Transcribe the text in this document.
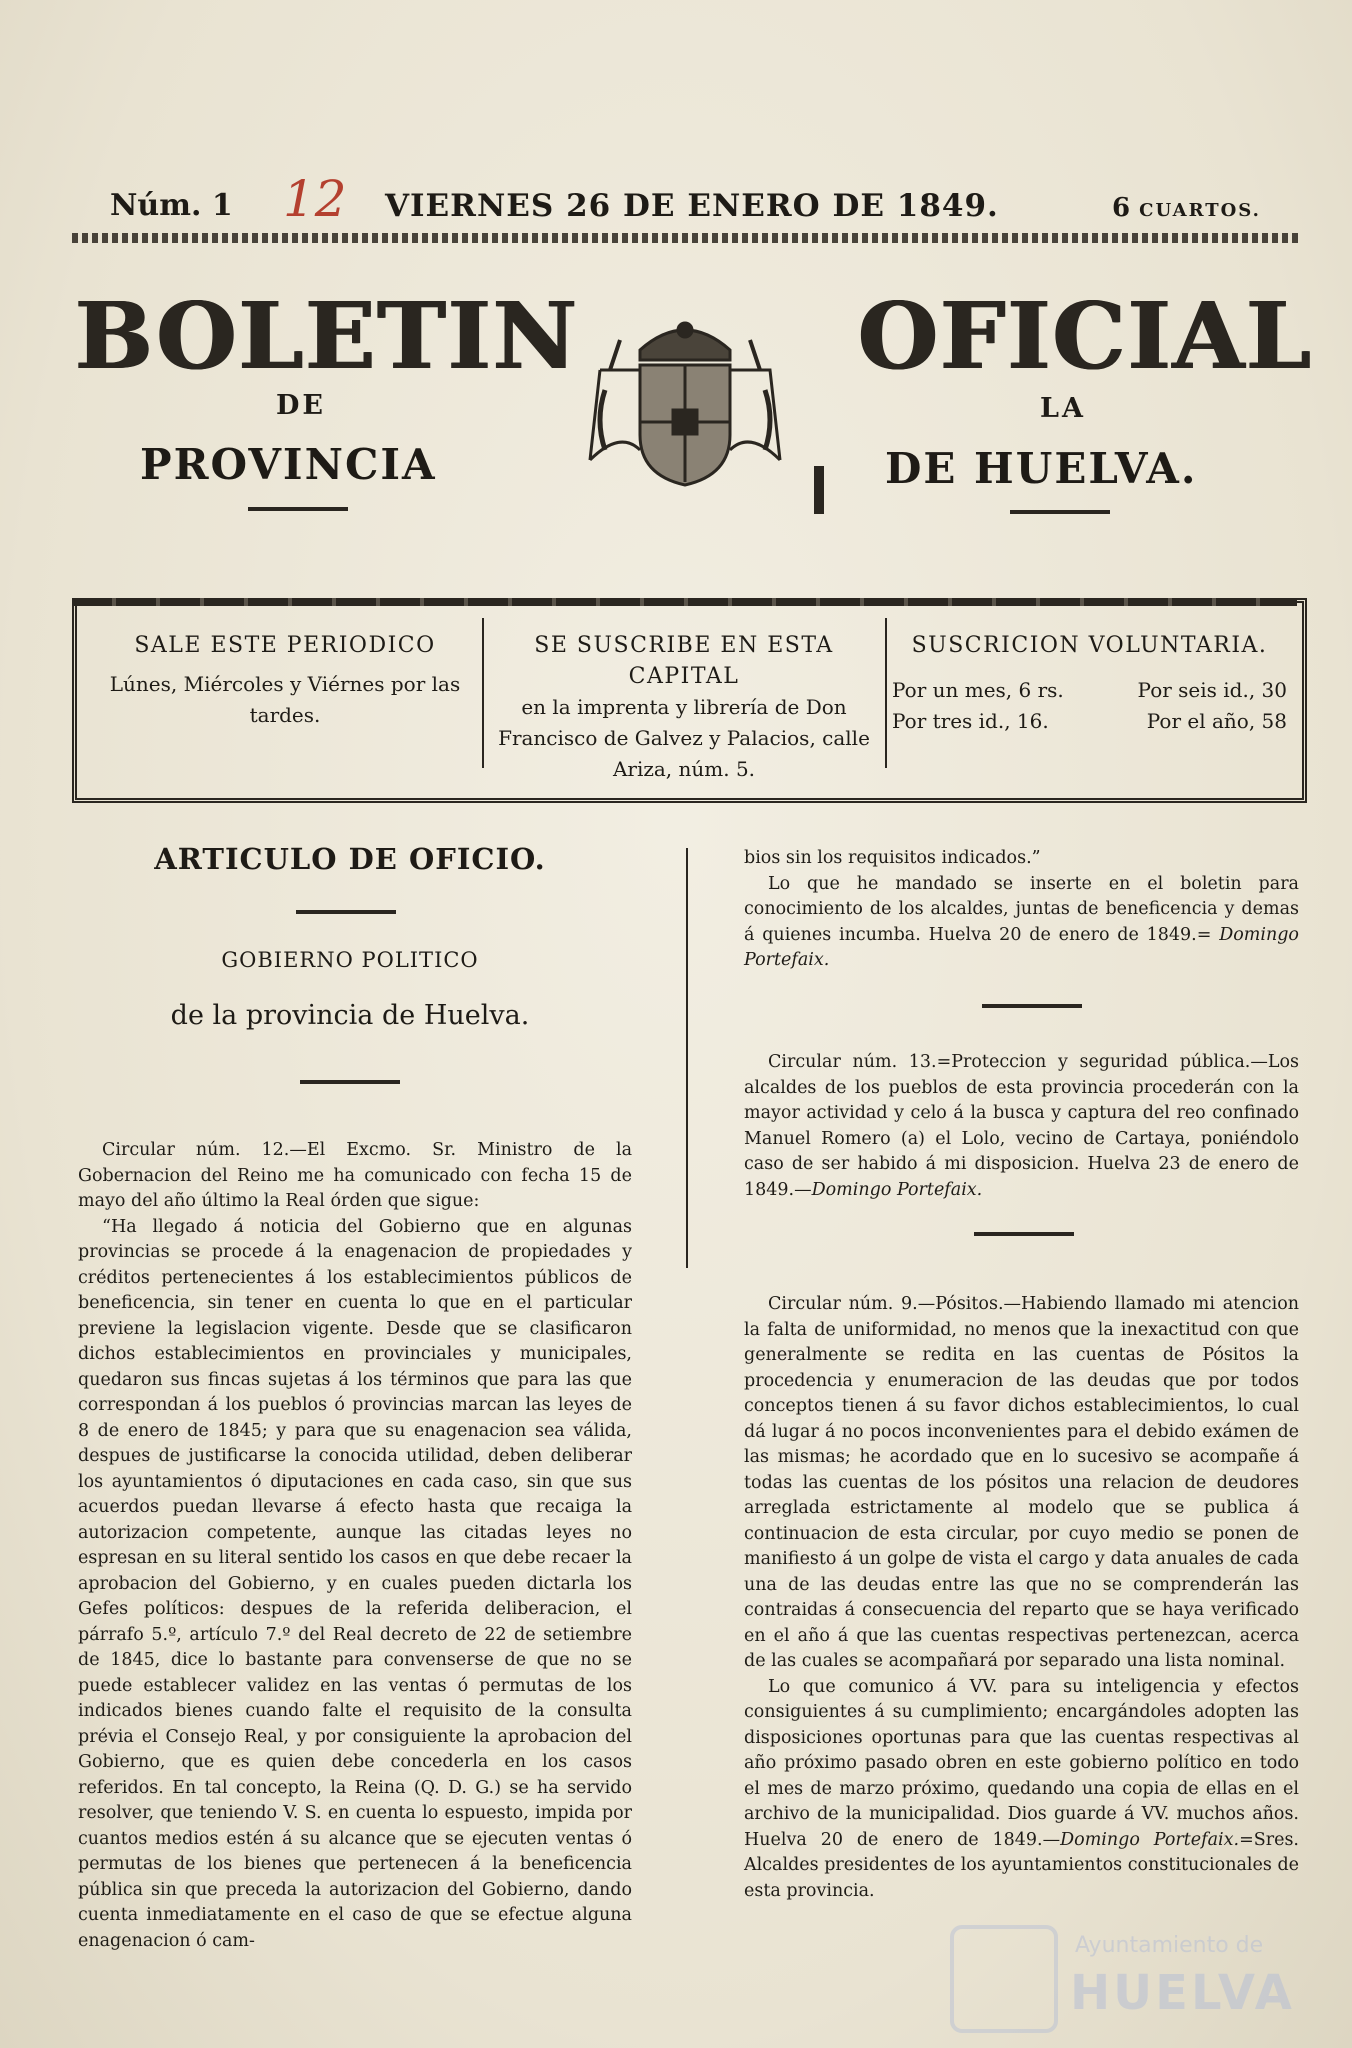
Núm. 1 12 VIERNES 26 DE ENERO DE 1849.	6 CUARTOS.
BOLETIN	OFICIAL
DE	LA
PROVINCIA	DE HUELVA.
SALE ESTE PERIODICO
Lúnes, Miércoles y Viérnes por las tardes.
SE SUSCRIBE EN ESTA CAPITAL
en la imprenta y librería de Don Francisco de Galvez y Palacios, calle Ariza, núm. 5.
SUSCRICION VOLUNTARIA.
Por un mes, 6 rs.	Por seis id., 30
Por tres id., 16.	Por el año, 58
ARTICULO DE OFICIO.
GOBIERNO POLITICO
de la provincia de Huelva.

Circular núm. 12.—El Excmo. Sr. Ministro de la Gobernacion del Reino me ha comunicado con fecha 15 de mayo del año último la Real órden que sigue:

“Ha llegado á noticia del Gobierno que en algunas provincias se procede á la enagenacion de propiedades y créditos pertenecientes á los establecimientos públicos de beneficencia, sin tener en cuenta lo que en el particular previene la legislacion vigente. Desde que se clasificaron dichos establecimientos en provinciales y municipales, quedaron sus fincas sujetas á los términos que para las que correspondan á los pueblos ó provincias marcan las leyes de 8 de enero de 1845; y para que su enagenacion sea válida, despues de justificarse la conocida utilidad, deben deliberar los ayuntamientos ó diputaciones en cada caso, sin que sus acuerdos puedan llevarse á efecto hasta que recaiga la autorizacion competente, aunque las citadas leyes no espresan en su literal sentido los casos en que debe recaer la aprobacion del Gobierno, y en cuales pueden dictarla los Gefes políticos: despues de la referida deliberacion, el párrafo 5.º, artículo 7.º del Real decreto de 22 de setiembre de 1845, dice lo bastante para convenserse de que no se puede establecer validez en las ventas ó permutas de los indicados bienes cuando falte el requisito de la consulta prévia el Consejo Real, y por consiguiente la aprobacion del Gobierno, que es quien debe concederla en los casos referidos. En tal concepto, la Reina (Q. D. G.) se ha servido resolver, que teniendo V. S. en cuenta lo espuesto, impida por cuantos medios estén á su alcance que se ejecuten ventas ó permutas de los bienes que pertenecen á la beneficencia pública sin que preceda la autorizacion del Gobierno, dando cuenta inmediatamente en el caso de que se efectue alguna enagenacion ó cam-

bios sin los requisitos indicados.”

Lo que he mandado se inserte en el boletin para conocimiento de los alcaldes, juntas de beneficencia y demas á quienes incumba. Huelva 20 de enero de 1849.= Domingo Portefaix.

Circular núm. 13.=Proteccion y seguridad pública.—Los alcaldes de los pueblos de esta provincia procederán con la mayor actividad y celo á la busca y captura del reo confinado Manuel Romero (a) el Lolo, vecino de Cartaya, poniéndolo caso de ser habido á mi disposicion. Huelva 23 de enero de 1849.—Domingo Portefaix.

Circular núm. 9.—Pósitos.—Habiendo llamado mi atencion la falta de uniformidad, no menos que la inexactitud con que generalmente se redita en las cuentas de Pósitos la procedencia y enumeracion de las deudas que por todos conceptos tienen á su favor dichos establecimientos, lo cual dá lugar á no pocos inconvenientes para el debido exámen de las mismas; he acordado que en lo sucesivo se acompañe á todas las cuentas de los pósitos una relacion de deudores arreglada estrictamente al modelo que se publica á continuacion de esta circular, por cuyo medio se ponen de manifiesto á un golpe de vista el cargo y data anuales de cada una de las deudas entre las que no se comprenderán las contraidas á consecuencia del reparto que se haya verificado en el año á que las cuentas respectivas pertenezcan, acerca de las cuales se acompañará por separado una lista nominal.

Lo que comunico á VV. para su inteligencia y efectos consiguientes á su cumplimiento; encargándoles adopten las disposiciones oportunas para que las cuentas respectivas al año próximo pasado obren en este gobierno político en todo el mes de marzo próximo, quedando una copia de ellas en el archivo de la municipalidad. Dios guarde á VV. muchos años. Huelva 20 de enero de 1849.—Domingo Portefaix.=Sres. Alcaldes presidentes de los ayuntamientos constitucionales de esta provincia.

Ayuntamiento de
HUELVA
